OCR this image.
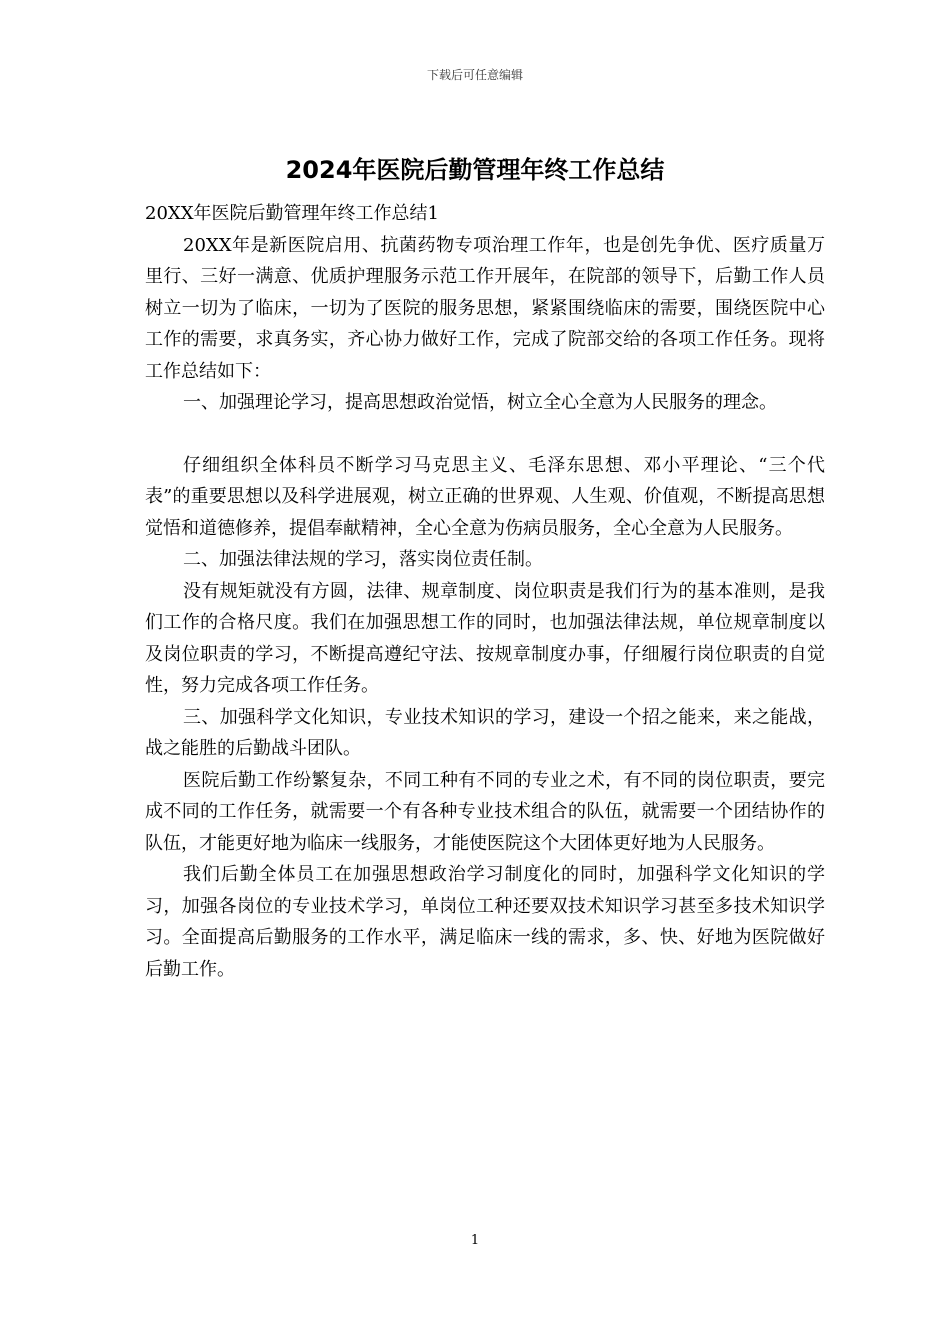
下载后可任意编辑
2024年医院后勤管理年终工作总结

20XX年医院后勤管理年终工作总结1

20XX年是新医院启用、抗菌药物专项治理工作年，也是创先争优、医疗质量万里行、三好一满意、优质护理服务示范工作开展年，在院部的领导下，后勤工作人员树立一切为了临床，一切为了医院的服务思想，紧紧围绕临床的需要，围绕医院中心工作的需要，求真务实，齐心协力做好工作，完成了院部交给的各项工作任务。现将工作总结如下：

一、加强理论学习，提高思想政治觉悟，树立全心全意为人民服务的理念。

仔细组织全体科员不断学习马克思主义、毛泽东思想、邓小平理论、“三个代表”的重要思想以及科学进展观，树立正确的世界观、人生观、价值观，不断提高思想觉悟和道德修养，提倡奉献精神，全心全意为伤病员服务，全心全意为人民服务。

二、加强法律法规的学习，落实岗位责任制。

没有规矩就没有方圆，法律、规章制度、岗位职责是我们行为的基本准则，是我们工作的合格尺度。我们在加强思想工作的同时，也加强法律法规，单位规章制度以及岗位职责的学习，不断提高遵纪守法、按规章制度办事，仔细履行岗位职责的自觉性，努力完成各项工作任务。

三、加强科学文化知识，专业技术知识的学习，建设一个招之能来，来之能战，战之能胜的后勤战斗团队。

医院后勤工作纷繁复杂，不同工种有不同的专业之术，有不同的岗位职责，要完成不同的工作任务，就需要一个有各种专业技术组合的队伍，就需要一个团结协作的队伍，才能更好地为临床一线服务，才能使医院这个大团体更好地为人民服务。

我们后勤全体员工在加强思想政治学习制度化的同时，加强科学文化知识的学习，加强各岗位的专业技术学习，单岗位工种还要双技术知识学习甚至多技术知识学习。全面提高后勤服务的工作水平，满足临床一线的需求，多、快、好地为医院做好后勤工作。

1
